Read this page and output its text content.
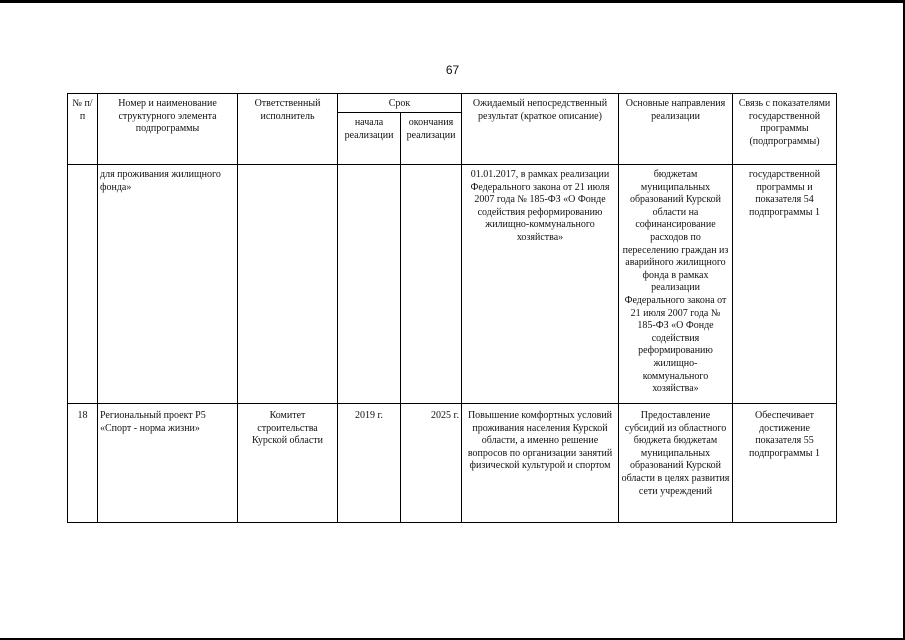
67
№ п/п	Номер и наименование структурного элемента подпрограммы	Ответственный исполнитель	Срок		Ожидаемый непосредственный результат (краткое описание)	Основные направления реализации	Связь с показателями государственной программы (подпрограммы)
			начала реализации	окончания реализации			
	для проживания жилищного фонда»				01.01.2017, в рамках реализации Федерального закона от 21 июля 2007 года № 185-ФЗ «О Фонде содействия реформированию жилищно-коммунального хозяйства»	бюджетам муниципальных образований Курской области на софинансирование расходов по переселению граждан из аварийного жилищного фонда в рамках реализации Федерального закона от 21 июля 2007 года № 185-ФЗ «О Фонде содействия реформированию жилищно-коммунального хозяйства»	государственной программы и показателя 54 подпрограммы 1
18	Региональный проект P5 «Спорт - норма жизни»	Комитет строительства Курской области	2019 г.	2025 г.	Повышение комфортных условий проживания населения Курской области, а именно решение вопросов по организации занятий физической культурой и спортом	Предоставление субсидий из областного бюджета бюджетам муниципальных образований Курской области в целях развития сети учреждений	Обеспечивает достижение показателя 55 подпрограммы 1
